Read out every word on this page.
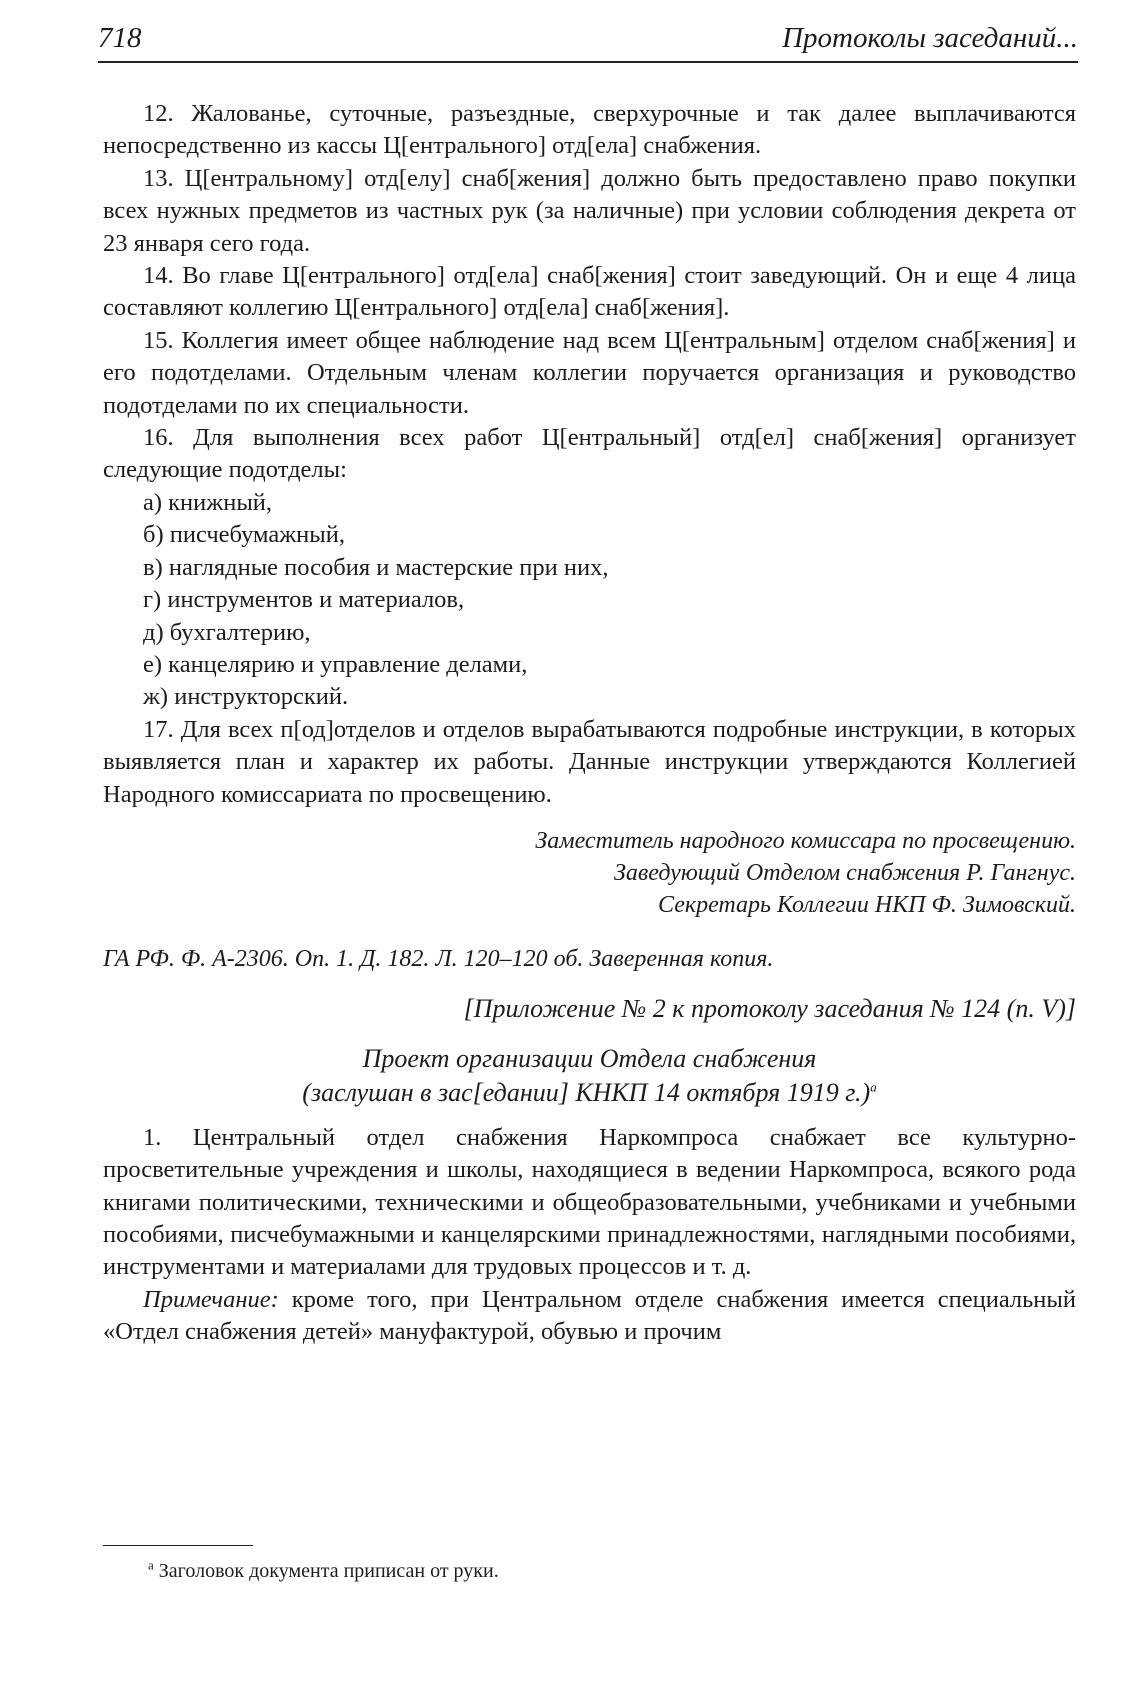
718	Протоколы заседаний...

12. Жалованье, суточные, разъездные, сверхурочные и так далее выплачиваются непосредственно из кассы Ц[ентрального] отд[ела] снабжения.

13. Ц[ентральному] отд[елу] снаб[жения] должно быть предоставлено право покупки всех нужных предметов из частных рук (за наличные) при условии соблюдения декрета от 23 января сего года.

14. Во главе Ц[ентрального] отд[ела] снаб[жения] стоит заведующий. Он и еще 4 лица составляют коллегию Ц[ентрального] отд[ела] снаб[жения].

15. Коллегия имеет общее наблюдение над всем Ц[ентральным] отделом снаб[жения] и его подотделами. Отдельным членам коллегии поручается организация и руководство подотделами по их специальности.

16. Для выполнения всех работ Ц[ентральный] отд[ел] снаб[жения] организует следующие подотделы:

а) книжный,
б) писчебумажный,
в) наглядные пособия и мастерские при них,
г) инструментов и материалов,
д) бухгалтерию,
е) канцелярию и управление делами,
ж) инструкторский.

17. Для всех п[од]отделов и отделов вырабатываются подробные инструкции, в которых выявляется план и характер их работы. Данные инструкции утверждаются Коллегией Народного комиссариата по просвещению.

Заместитель народного комиссара по просвещению.
Заведующий Отделом снабжения Р. Гангнус.
Секретарь Коллегии НКП Ф. Зимовский.
ГА РФ. Ф. А-2306. Оп. 1. Д. 182. Л. 120–120 об. Заверенная копия.
[Приложение № 2 к протоколу заседания № 124 (п. V)]
Проект организации Отдела снабжения
(заслушан в зас[едании] КНКП 14 октября 1919 г.)$^а$

1. Центральный отдел снабжения Наркомпроса снабжает все культурно-просветительные учреждения и школы, находящиеся в ведении Наркомпроса, всякого рода книгами политическими, техническими и общеобразовательными, учебниками и учебными пособиями, писчебумажными и канцелярскими принадлежностями, наглядными пособиями, инструментами и материалами для трудовых процессов и т. д.

Примечание: кроме того, при Центральном отделе снабжения имеется специальный «Отдел снабжения детей» мануфактурой, обувью и прочим

$^а$ Заголовок документа приписан от руки.
